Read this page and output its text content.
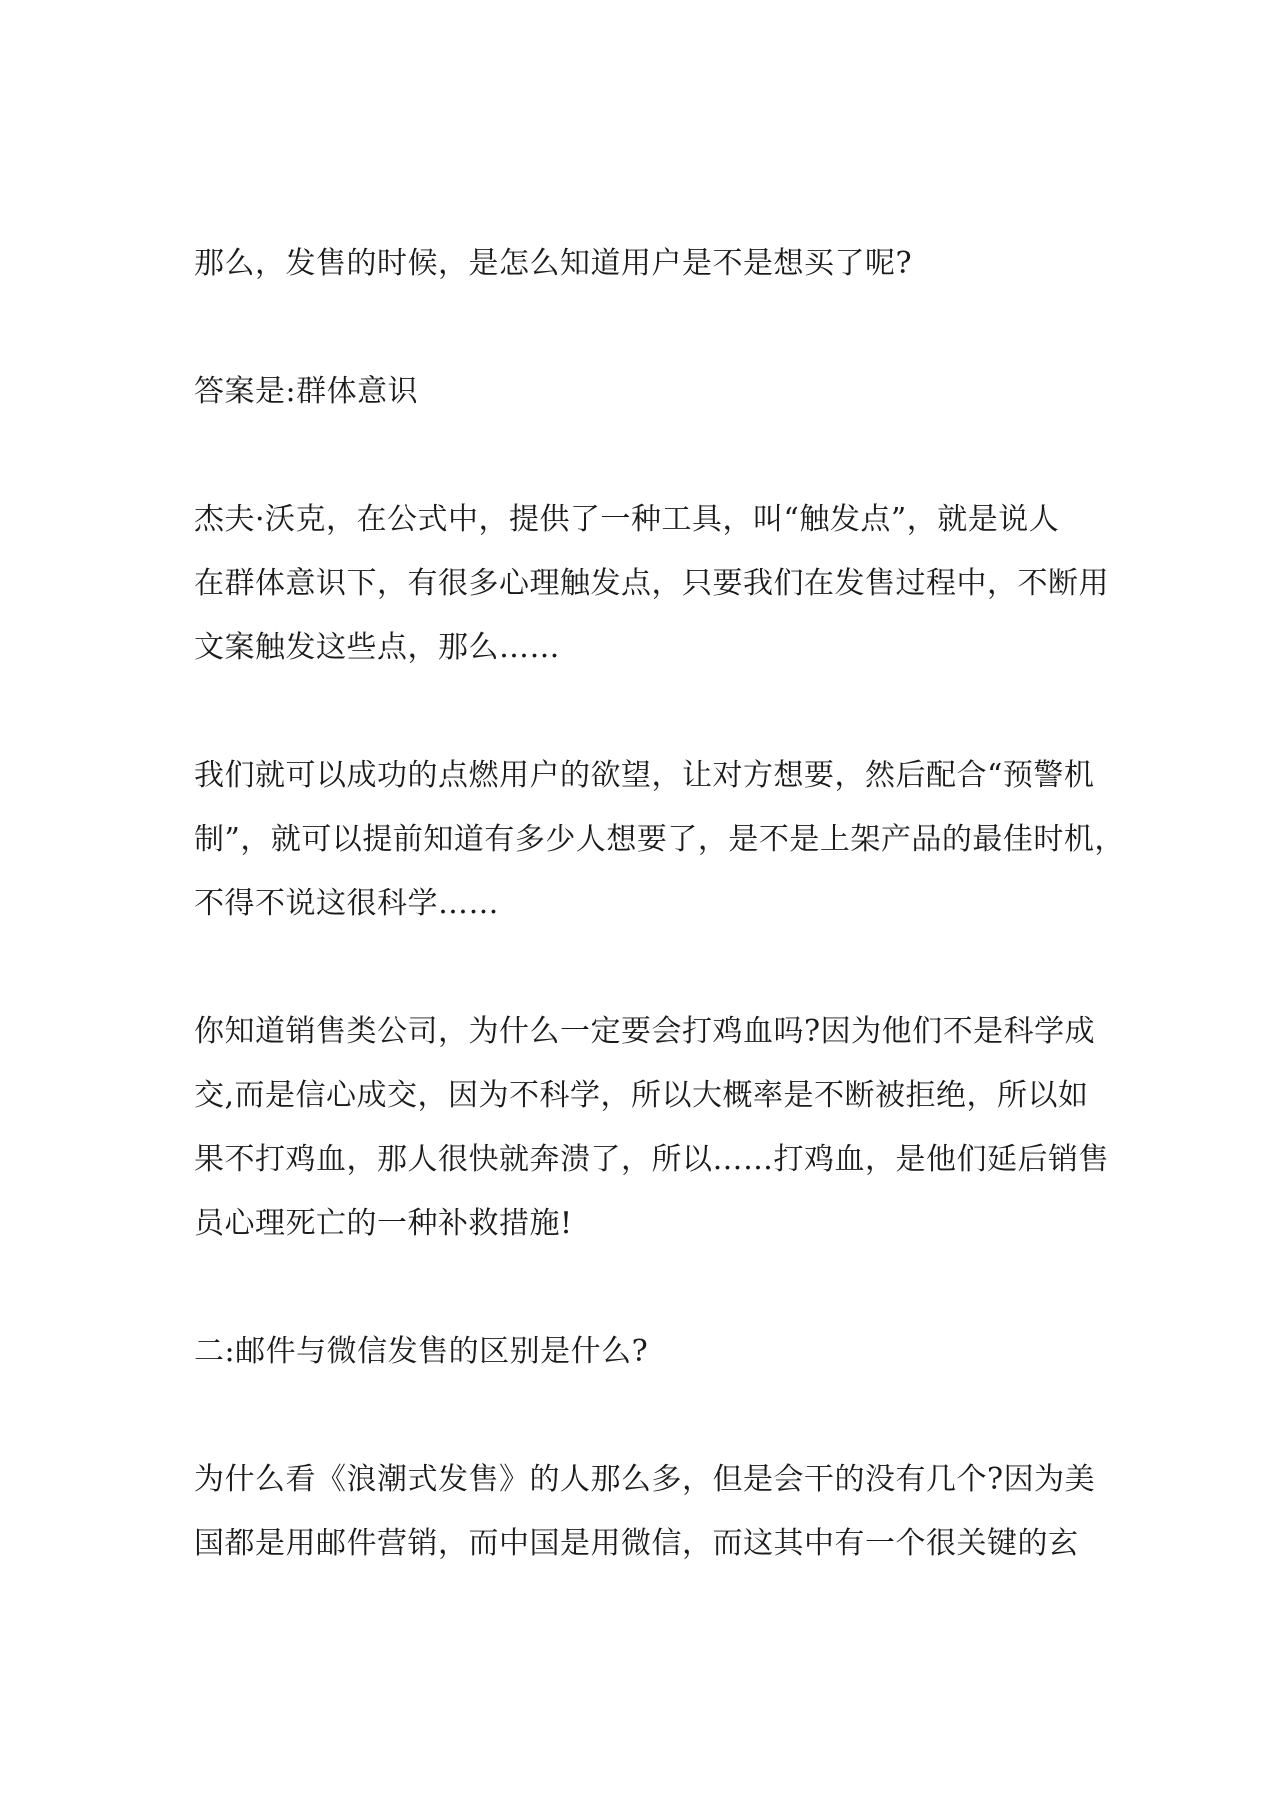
那么，发售的时候，是怎么知道用户是不是想买了呢?
答案是:群体意识
杰夫·沃克，在公式中，提供了一种工具，叫“触发点”，就是说人
在群体意识下，有很多心理触发点，只要我们在发售过程中，不断用
文案触发这些点，那么……
我们就可以成功的点燃用户的欲望，让对方想要，然后配合“预警机
制”，就可以提前知道有多少人想要了，是不是上架产品的最佳时机，
不得不说这很科学……
你知道销售类公司，为什么一定要会打鸡血吗?因为他们不是科学成
交,而是信心成交，因为不科学，所以大概率是不断被拒绝，所以如
果不打鸡血，那人很快就奔溃了，所以……打鸡血，是他们延后销售
员心理死亡的一种补救措施!
二:邮件与微信发售的区别是什么?
为什么看《浪潮式发售》的人那么多，但是会干的没有几个?因为美
国都是用邮件营销，而中国是用微信，而这其中有一个很关键的玄
